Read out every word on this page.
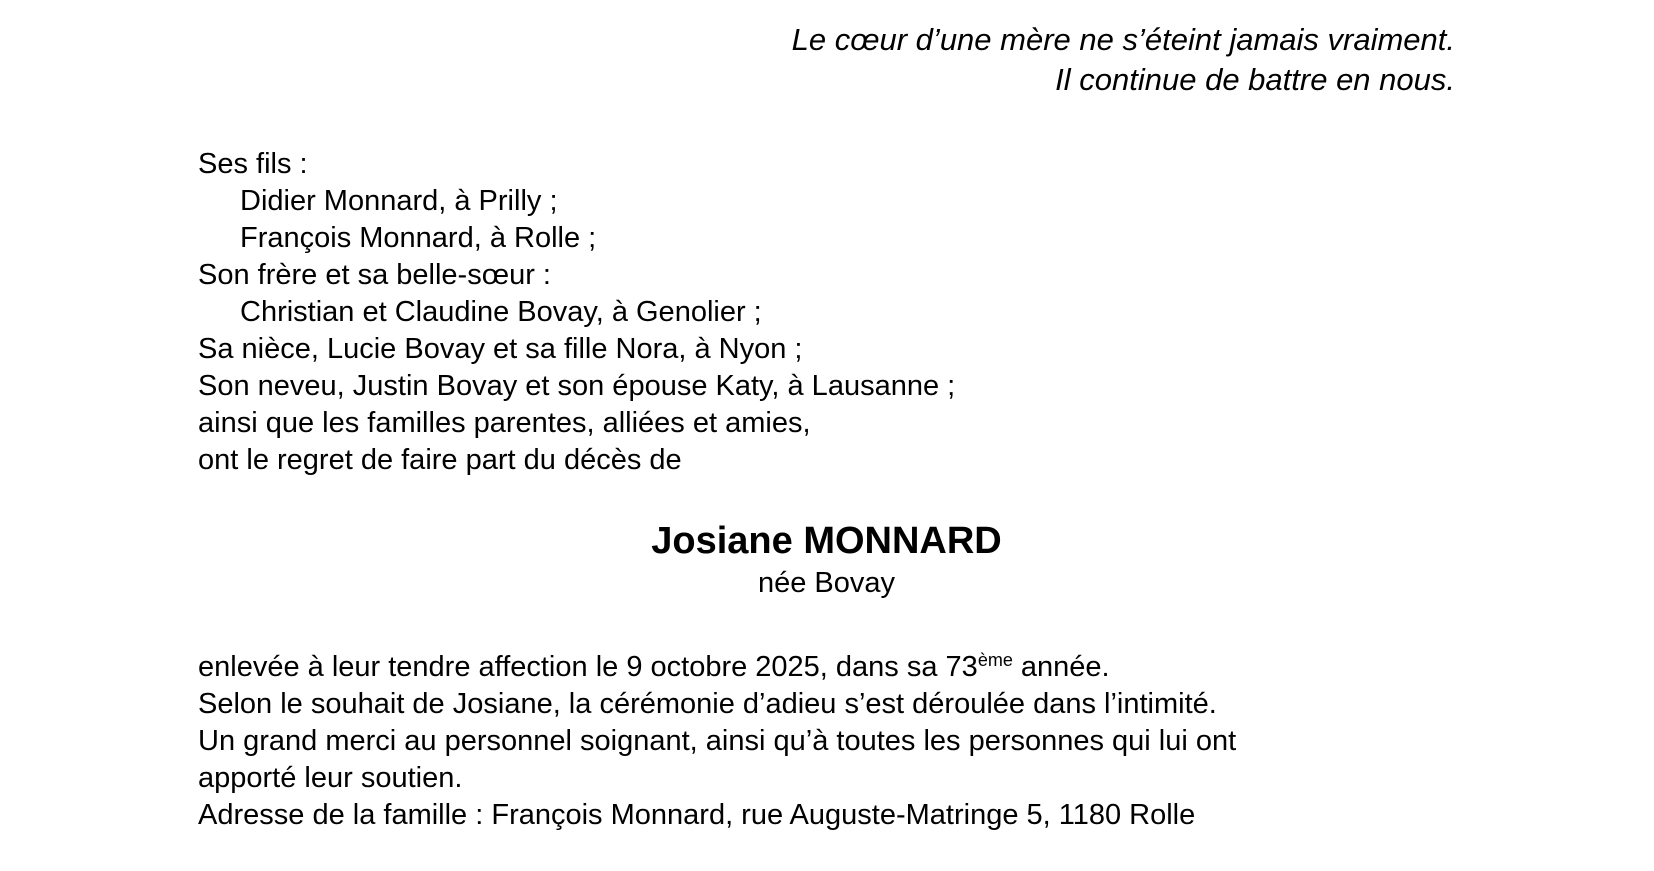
Le cœur d’une mère ne s’éteint jamais vraiment.
Il continue de battre en nous.
Ses fils :
Didier Monnard, à Prilly ;
François Monnard, à Rolle ;
Son frère et sa belle-sœur :
Christian et Claudine Bovay, à Genolier ;
Sa nièce, Lucie Bovay et sa fille Nora, à Nyon ;
Son neveu, Justin Bovay et son épouse Katy, à Lausanne ;
ainsi que les familles parentes, alliées et amies,
ont le regret de faire part du décès de
Josiane MONNARD
née Bovay
enlevée à leur tendre affection le 9 octobre 2025, dans sa 73ème année.
Selon le souhait de Josiane, la cérémonie d’adieu s’est déroulée dans l’intimité.
Un grand merci au personnel soignant, ainsi qu’à toutes les personnes qui lui ont
apporté leur soutien.
Adresse de la famille : François Monnard, rue Auguste-Matringe 5, 1180 Rolle
